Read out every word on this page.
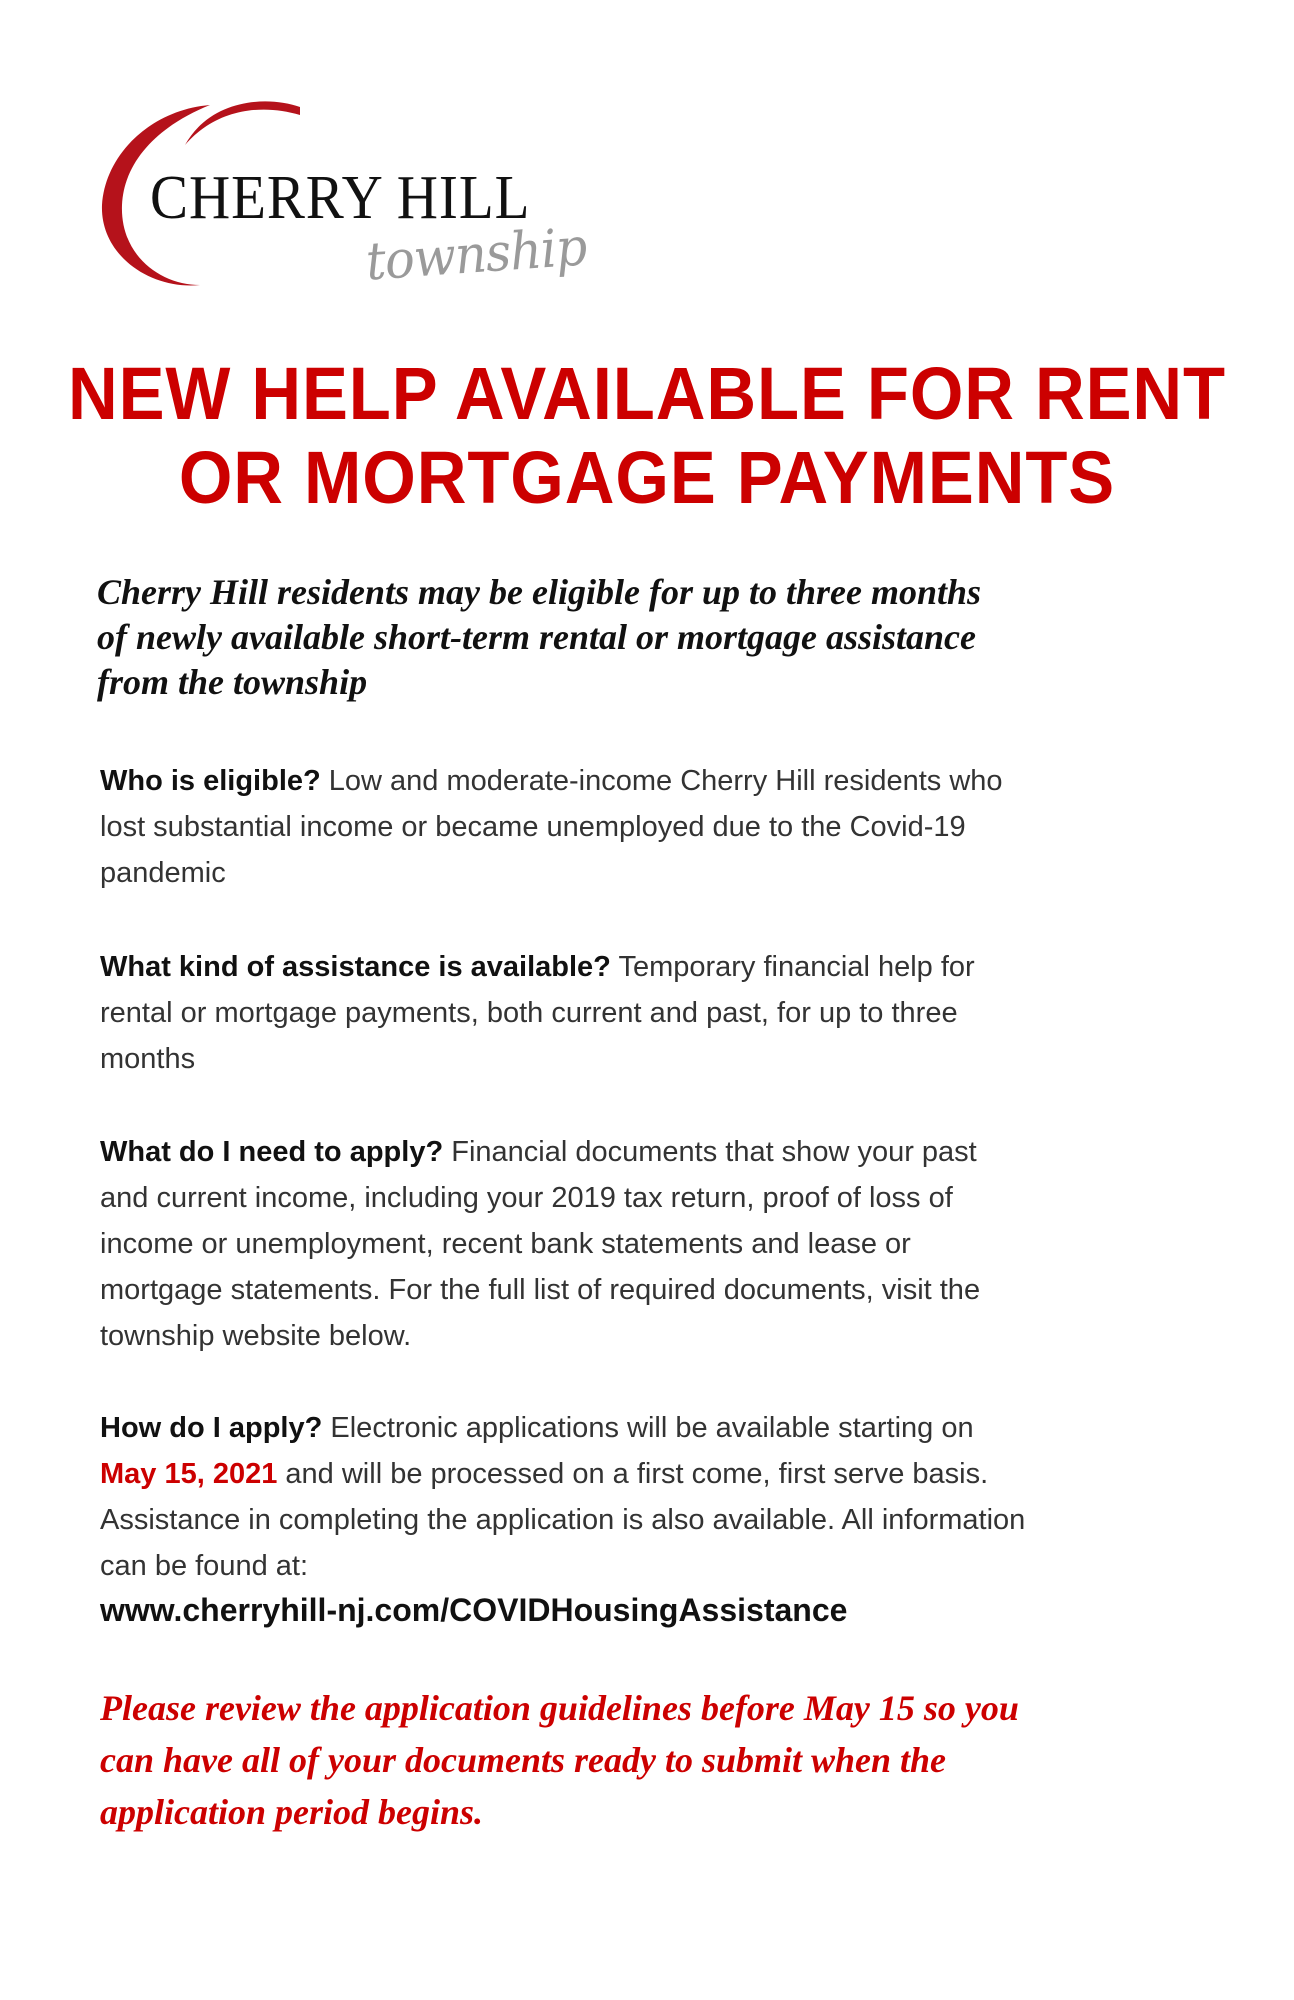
CHERRY HILL
township
NEW HELP AVAILABLE FOR RENT
OR MORTGAGE PAYMENTS
Cherry Hill residents may be eligible for up to three months
of newly available short-term rental or mortgage assistance
from the township
Who is eligible? Low and moderate-income Cherry Hill residents who
lost substantial income or became unemployed due to the Covid-19
pandemic
What kind of assistance is available? Temporary financial help for
rental or mortgage payments, both current and past, for up to three
months
What do I need to apply? Financial documents that show your past
and current income, including your 2019 tax return, proof of loss of
income or unemployment, recent bank statements and lease or
mortgage statements. For the full list of required documents, visit the
township website below.
How do I apply? Electronic applications will be available starting on
May 15, 2021 and will be processed on a first come, first serve basis.
Assistance in completing the application is also available. All information
can be found at:
www.cherryhill-nj.com/COVIDHousingAssistance
Please review the application guidelines before May 15 so you
can have all of your documents ready to submit when the
application period begins.
